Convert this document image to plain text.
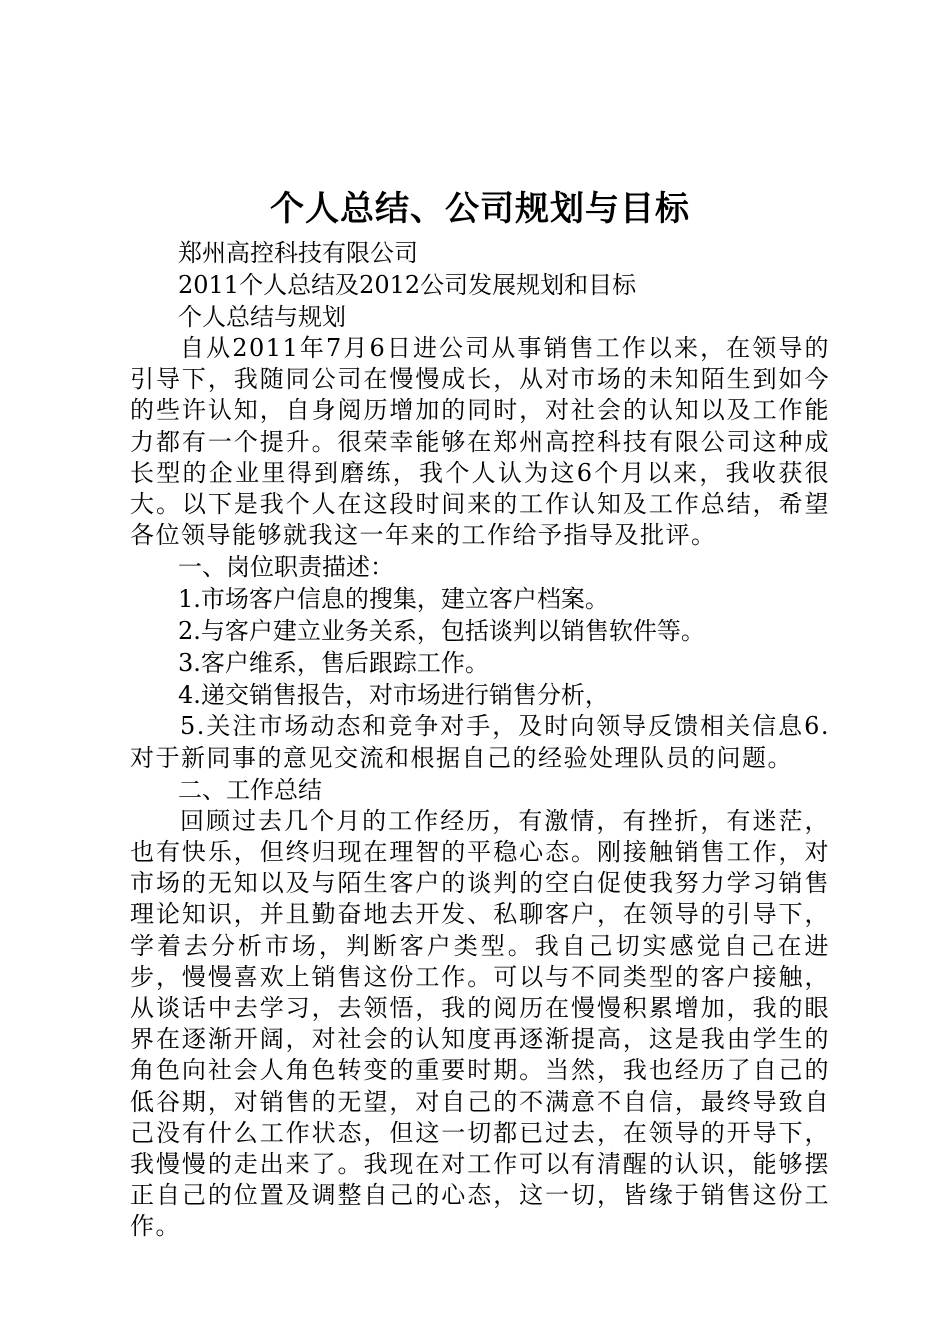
个人总结、公司规划与目标

郑州高控科技有限公司

2011个人总结及2012公司发展规划和目标

个人总结与规划

自从2011年7月6日进公司从事销售工作以来，在领导的引导下，我随同公司在慢慢成长，从对市场的未知陌生到如今的些许认知，自身阅历增加的同时，对社会的认知以及工作能力都有一个提升。很荣幸能够在郑州高控科技有限公司这种成长型的企业里得到磨练，我个人认为这6个月以来，我收获很大。以下是我个人在这段时间来的工作认知及工作总结，希望各位领导能够就我这一年来的工作给予指导及批评。

一、岗位职责描述：

1.市场客户信息的搜集，建立客户档案。

2.与客户建立业务关系，包括谈判以销售软件等。

3.客户维系，售后跟踪工作。

4.递交销售报告，对市场进行销售分析，

5.关注市场动态和竞争对手，及时向领导反馈相关信息6.对于新同事的意见交流和根据自己的经验处理队员的问题。

二、工作总结

回顾过去几个月的工作经历，有激情，有挫折，有迷茫，也有快乐，但终归现在理智的平稳心态。刚接触销售工作，对市场的无知以及与陌生客户的谈判的空白促使我努力学习销售理论知识，并且勤奋地去开发、私聊客户，在领导的引导下，学着去分析市场，判断客户类型。我自己切实感觉自己在进步，慢慢喜欢上销售这份工作。可以与不同类型的客户接触，从谈话中去学习，去领悟，我的阅历在慢慢积累增加，我的眼界在逐渐开阔，对社会的认知度再逐渐提高，这是我由学生的角色向社会人角色转变的重要时期。当然，我也经历了自己的低谷期，对销售的无望，对自己的不满意不自信，最终导致自己没有什么工作状态，但这一切都已过去，在领导的开导下，我慢慢的走出来了。我现在对工作可以有清醒的认识，能够摆正自己的位置及调整自己的心态，这一切，皆缘于销售这份工作。
